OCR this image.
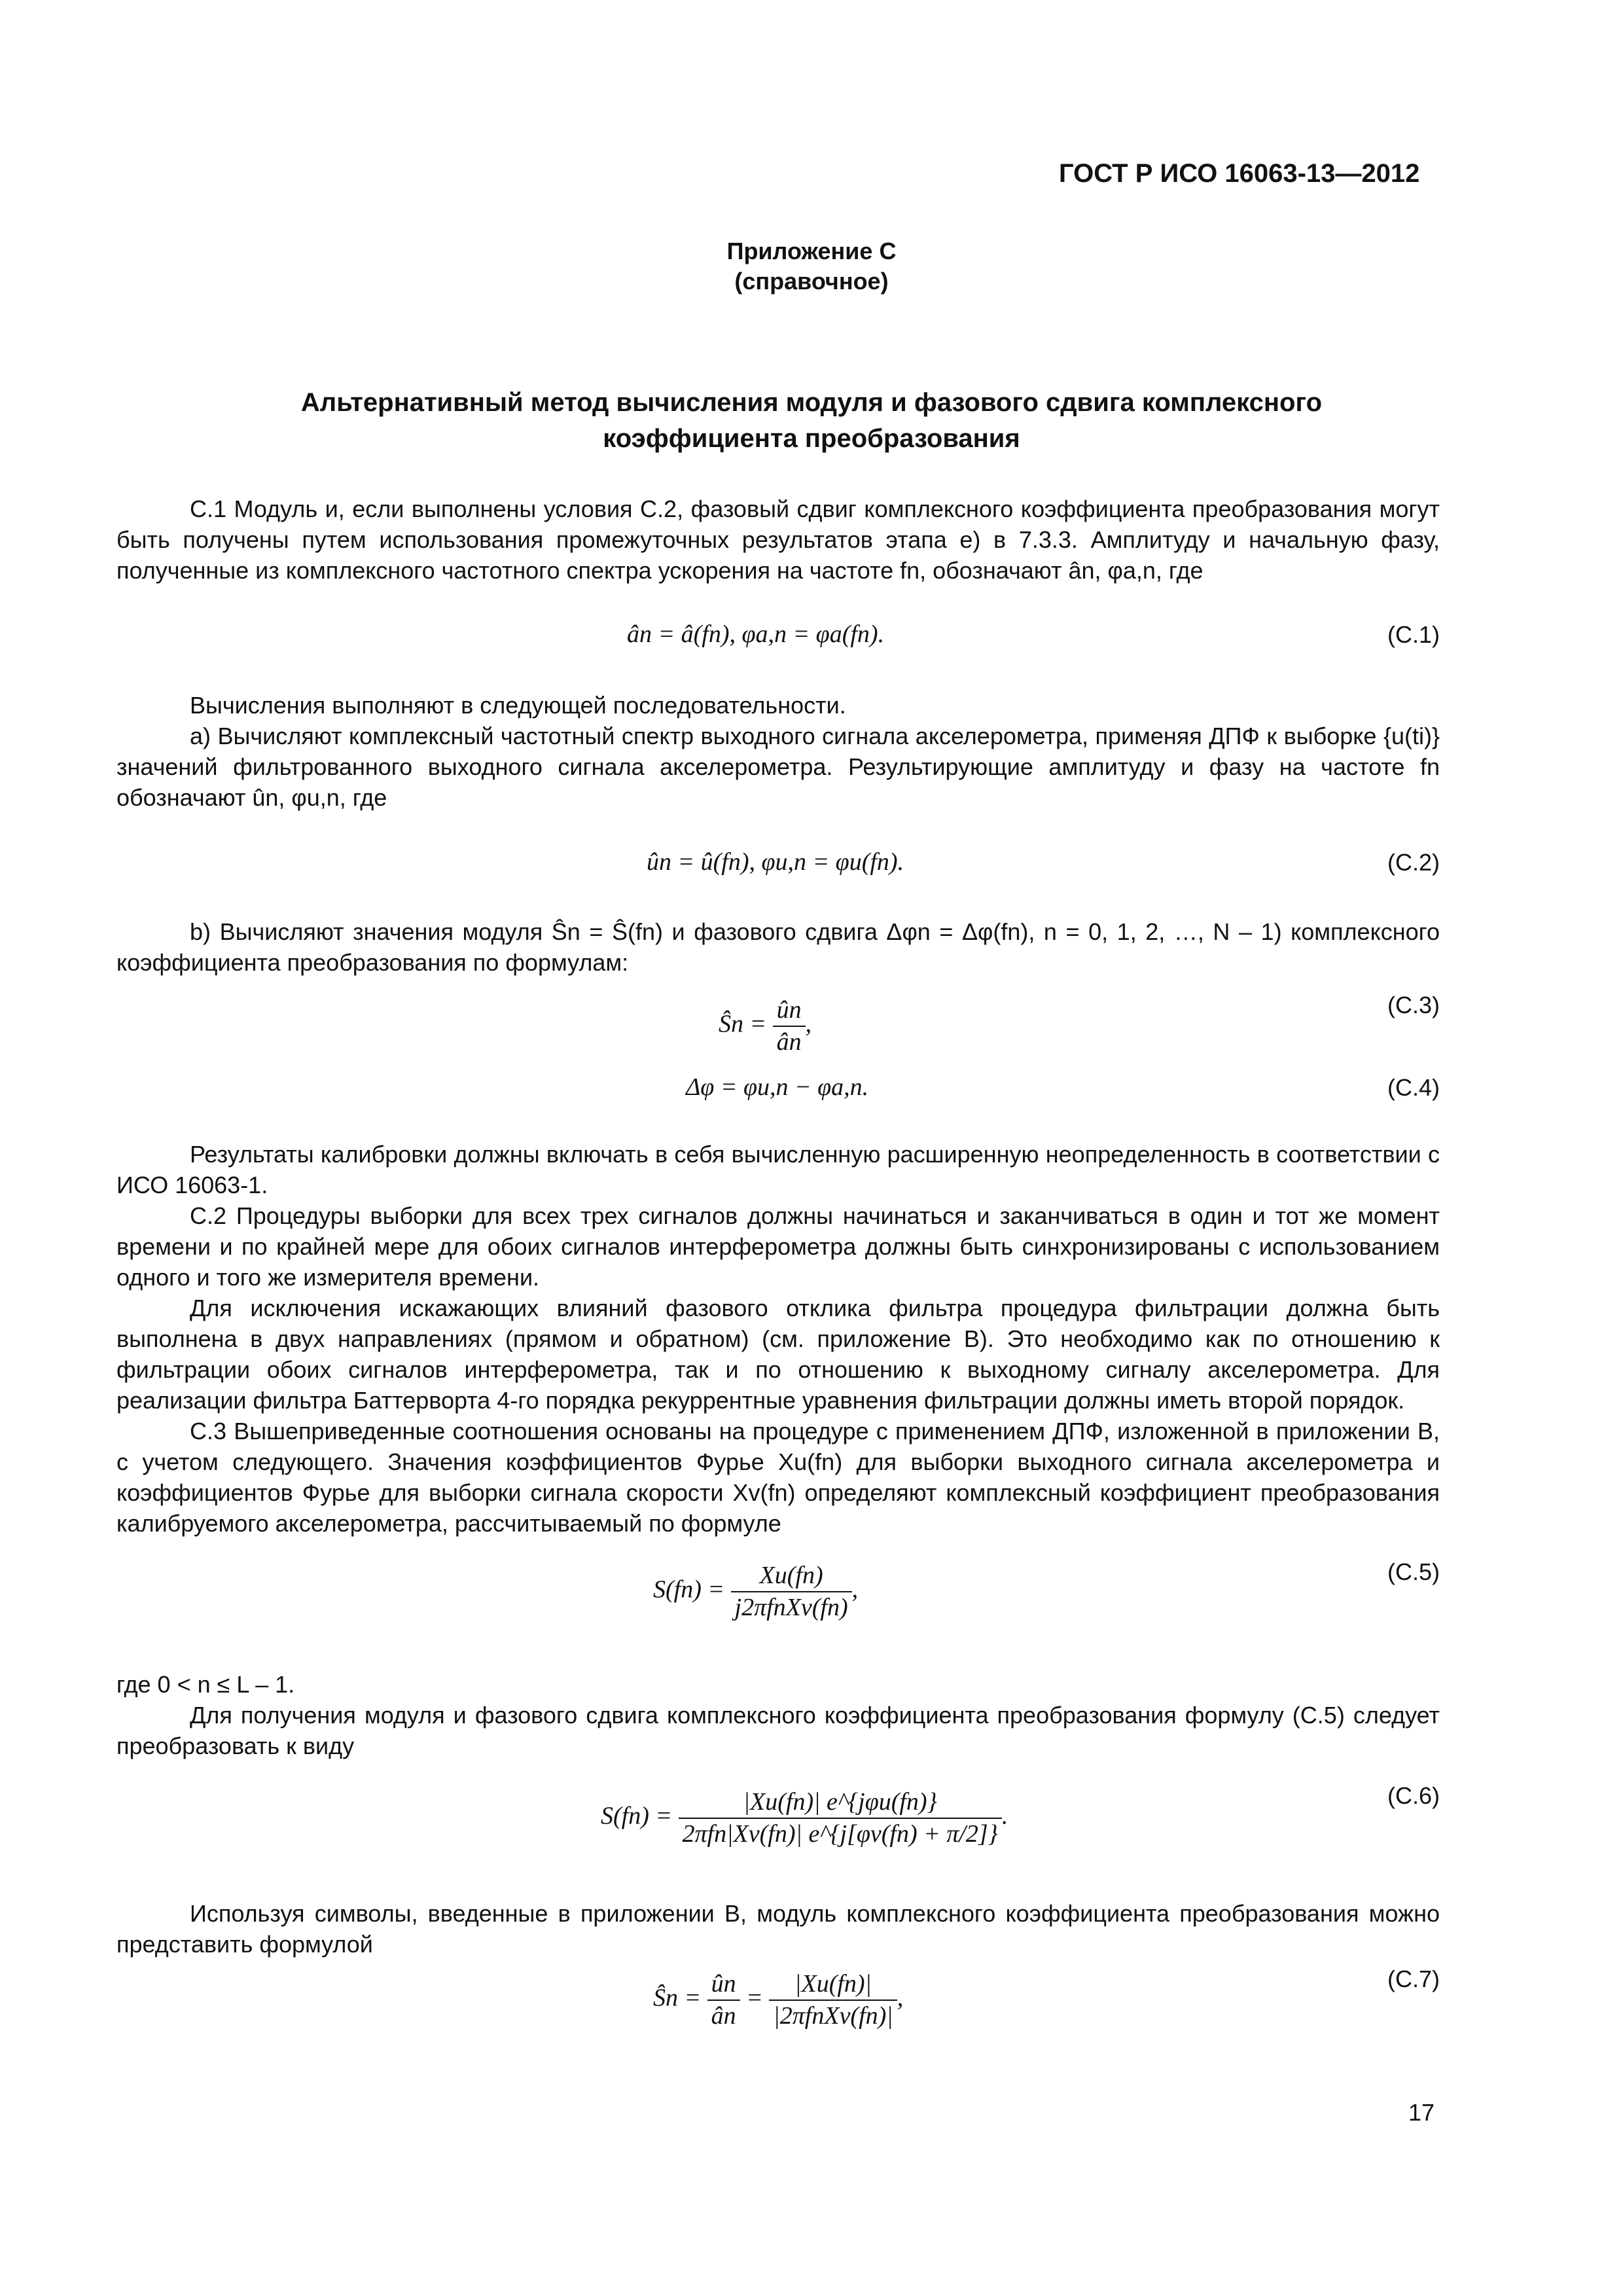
ГОСТ Р ИСО 16063-13—2012
Приложение С
(справочное)
Альтернативный метод вычисления модуля и фазового сдвига комплексного
коэффициента преобразования

С.1 Модуль и, если выполнены условия С.2, фазовый сдвиг комплексного коэффициента преобразования могут быть получены путем использования промежуточных результатов этапа е) в 7.3.3. Амплитуду и начальную фазу, полученные из комплексного частотного спектра ускорения на частоте fn, обозначают ân, φa,n, где

ân = â(fn), φa,n = φa(fn).	(С.1)

Вычисления выполняют в следующей последовательности.

а) Вычисляют комплексный частотный спектр выходного сигнала акселерометра, применяя ДПФ к выборке {u(ti)} значений фильтрованного выходного сигнала акселерометра. Результирующие амплитуду и фазу на частоте fn обозначают ûn, φu,n, где

ûn = û(fn), φu,n = φu(fn).	(С.2)

b) Вычисляют значения модуля Ŝn = Ŝ(fn) и фазового сдвига Δφn = Δφ(fn), n = 0, 1, 2, …, N – 1) комплексного коэффициента преобразования по формулам:

Ŝn = $\frac{ûn}{ân}$ ,
(С.3)
Δφ = φu,n − φa,n.	(С.4)

Результаты калибровки должны включать в себя вычисленную расширенную неопределенность в соответствии с ИСО 16063-1.

С.2 Процедуры выборки для всех трех сигналов должны начинаться и заканчиваться в один и тот же момент времени и по крайней мере для обоих сигналов интерферометра должны быть синхронизированы с использованием одного и того же измерителя времени.

Для исключения искажающих влияний фазового отклика фильтра процедура фильтрации должна быть выполнена в двух направлениях (прямом и обратном) (см. приложение В). Это необходимо как по отношению к фильтрации обоих сигналов интерферометра, так и по отношению к выходному сигналу акселерометра. Для реализации фильтра Баттерворта 4-го порядка рекуррентные уравнения фильтрации должны иметь второй порядок.

С.3 Вышеприведенные соотношения основаны на процедуре с применением ДПФ, изложенной в приложении В, с учетом следующего. Значения коэффициентов Фурье Xu(fn) для выборки выходного сигнала акселерометра и коэффициентов Фурье для выборки сигнала скорости Xv(fn) определяют комплексный коэффициент преобразования калибруемого акселерометра, рассчитываемый по формуле

$S(fn) = \frac{Xu(fn)}{\text{j2πfnXv(fn)}}$ ,
(С.5)

где 0 < n ≤ L – 1.

Для получения модуля и фазового сдвига комплексного коэффициента преобразования формулу (С.5) следует преобразовать к виду

$S(fn) = \frac{\text{|Xu(fn)| e\textasciicircum{}\{jφu(fn)\}}}{\text{2πfn|Xv(fn)| e\textasciicircum{}\{j[φv(fn) + π/2]\}}}$ .
(С.6)

Используя символы, введенные в приложении В, модуль комплексного коэффициента преобразования можно представить формулой

Ŝn = $\frac{ûn}{ân} = \frac{|Xu(fn)|}{\text{|2πfnXv(fn)|}}$ ,
(С.7)
17
